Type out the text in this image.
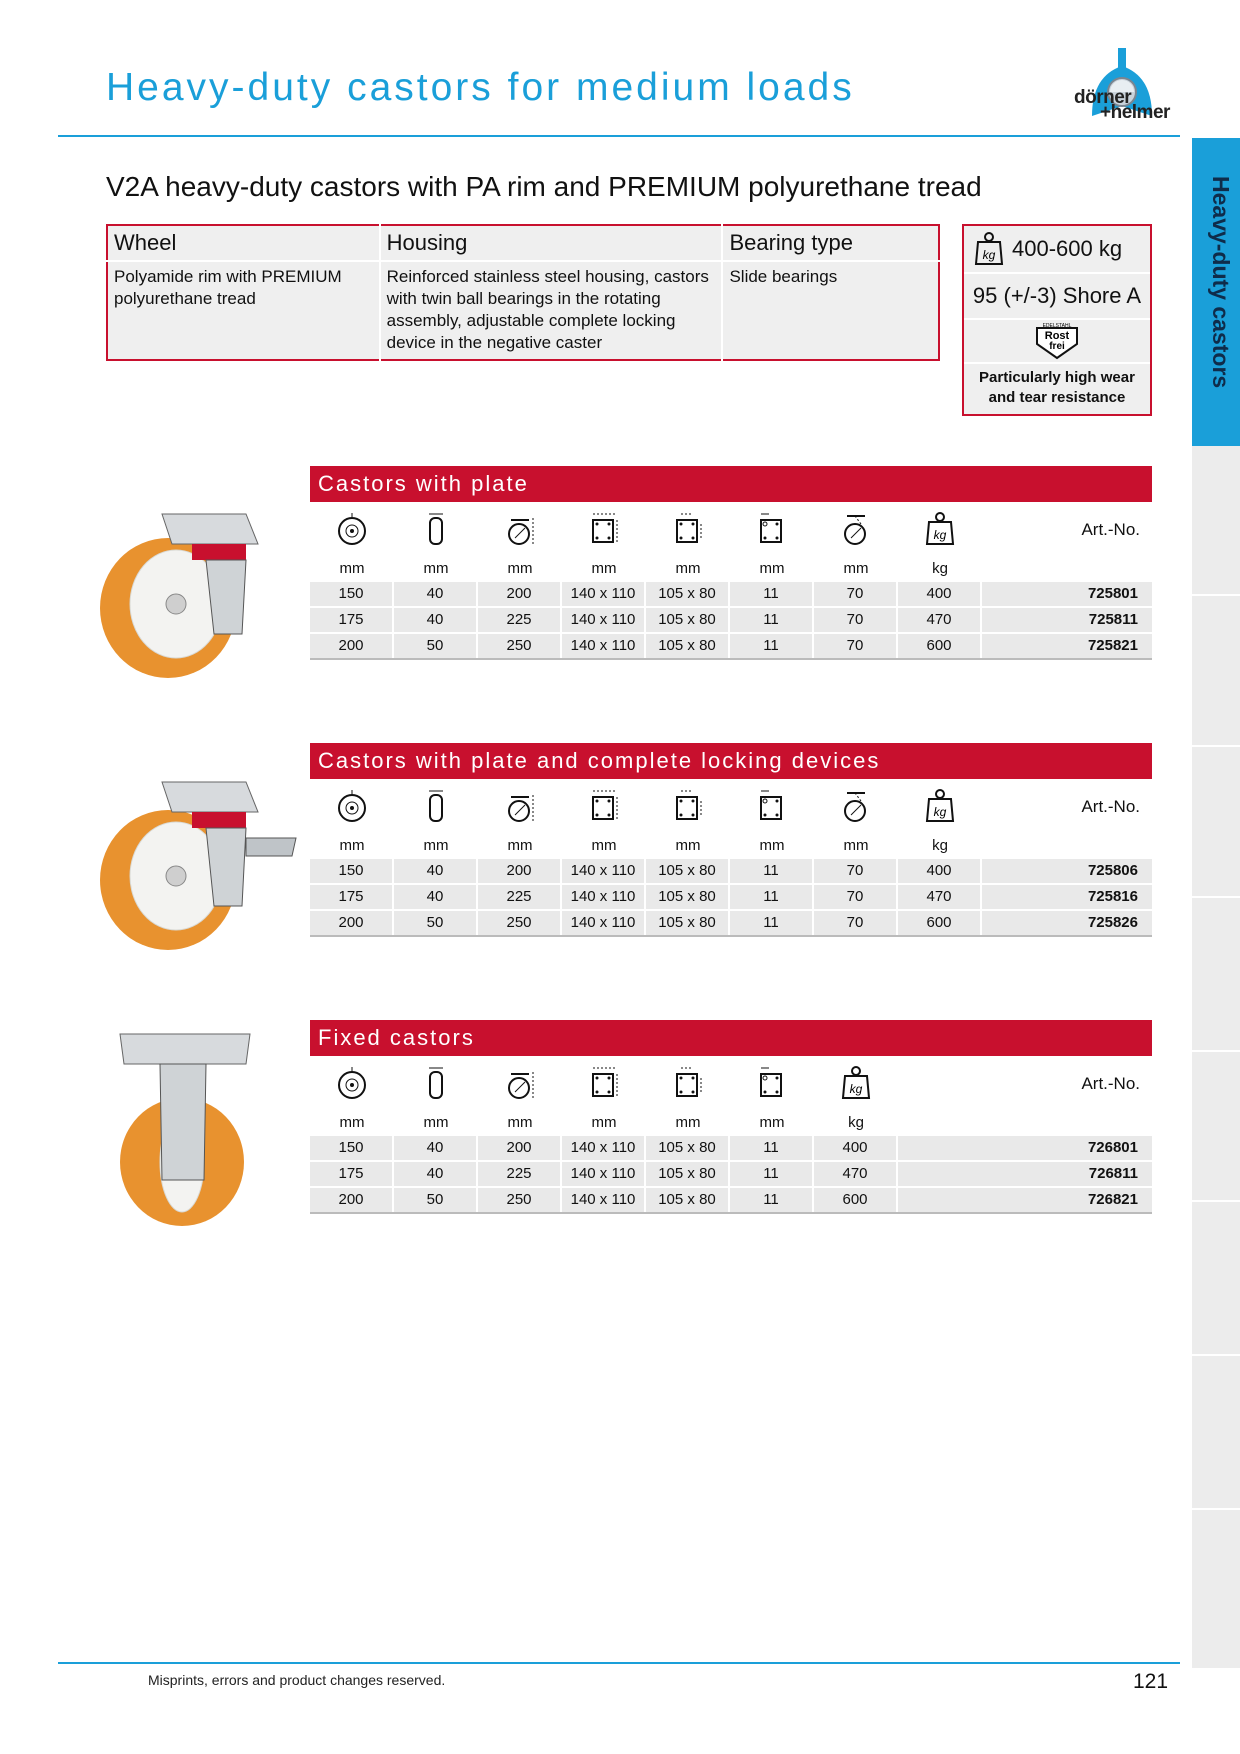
Heavy-duty castors for medium loads	dörner
+helmer
Heavy-duty castors
V2A heavy-duty castors with PA rim and PREMIUM polyurethane tread
Wheel	Housing	Bearing type
Polyamide rim with PREMIUM polyurethane tread	Reinforced stainless steel housing, castors with twin ball bearings in the rotating assembly, adjustable complete locking device in the negative caster	Slide bearings
kg 400-600 kg
95 (+/-3) Shore A
EDELSTAHL
Rost
frei
Particularly high wear and tear resistance
Castors with plate
kg	Art.-No.
mm	mm	mm	mm	mm	mm	mm	kg
150	40	200	140 x 110	105 x 80	11	70	400	725801
175	40	225	140 x 110	105 x 80	11	70	470	725811
200	50	250	140 x 110	105 x 80	11	70	600	725821
Castors with plate and complete locking devices
kg	Art.-No.
mm	mm	mm	mm	mm	mm	mm	kg
150	40	200	140 x 110	105 x 80	11	70	400	725806
175	40	225	140 x 110	105 x 80	11	70	470	725816
200	50	250	140 x 110	105 x 80	11	70	600	725826
Fixed castors
kg	Art.-No.
mm	mm	mm	mm	mm	mm	kg
150	40	200	140 x 110	105 x 80	11	400	726801
175	40	225	140 x 110	105 x 80	11	470	726811
200	50	250	140 x 110	105 x 80	11	600	726821
Misprints, errors and product changes reserved.	121
